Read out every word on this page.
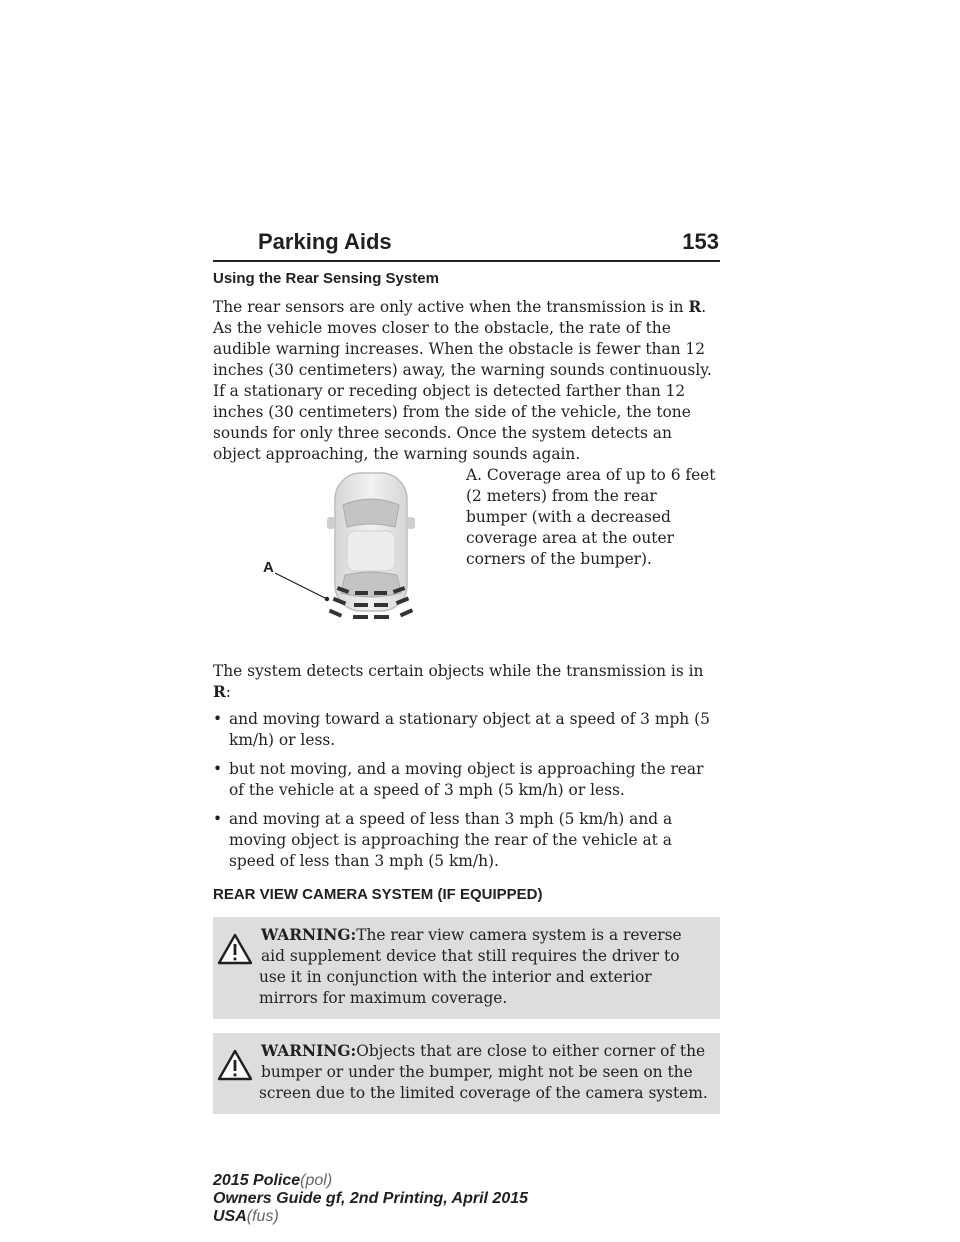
Parking Aids	153
Using the Rear Sensing System

The rear sensors are only active when the transmission is in R. As the vehicle moves closer to the obstacle, the rate of the audible warning increases. When the obstacle is fewer than 12 inches (30 centimeters) away, the warning sounds continuously. If a stationary or receding object is detected farther than 12 inches (30 centimeters) from the side of the vehicle, the tone sounds for only three seconds. Once the system detects an object approaching, the warning sounds again.

A
A. Coverage area of up to 6 feet (2 meters) from the rear bumper (with a decreased coverage area at the outer corners of the bumper).

The system detects certain objects while the transmission is in R:

• and moving toward a stationary object at a speed of 3 mph (5 km/h) or less.
• but not moving, and a moving object is approaching the rear of the vehicle at a speed of 3 mph (5 km/h) or less.
• and moving at a speed of less than 3 mph (5 km/h) and a moving object is approaching the rear of the vehicle at a speed of less than 3 mph (5 km/h).
REAR VIEW CAMERA SYSTEM (IF EQUIPPED)
WARNING:The rear view camera system is a reverse aid supplement device that still requires the driver to use it in conjunction with the interior and exterior mirrors for maximum coverage.
WARNING:Objects that are close to either corner of the bumper or under the bumper, might not be seen on the screen due to the limited coverage of the camera system.
2015 Police(pol)
Owners Guide gf, 2nd Printing, April 2015
USA(fus)
